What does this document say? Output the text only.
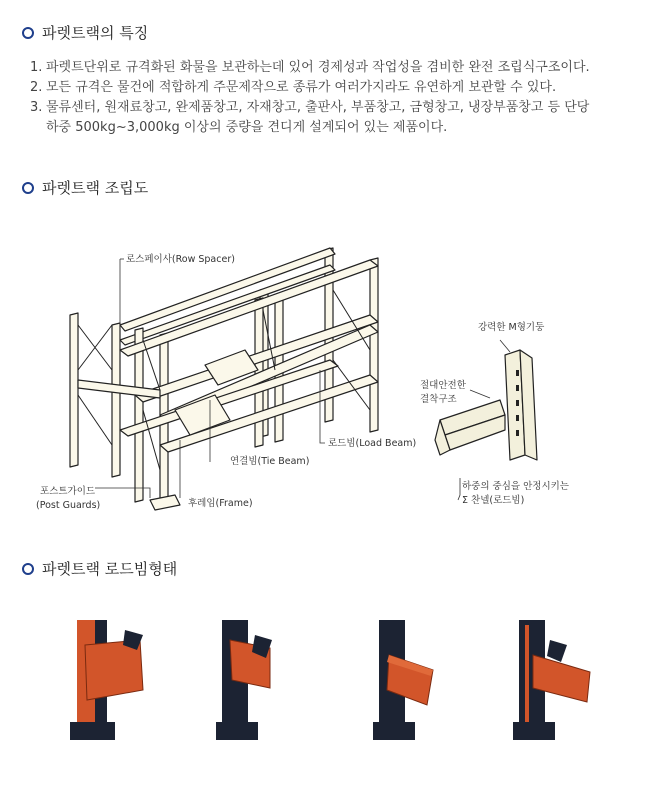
파렛트랙의 특징
1. 파렛트단위로 규격화된 화물을 보관하는데 있어 경제성과 작업성을 겸비한 완전 조립식구조이다.
2. 모든 규격은 물건에 적합하게 주문제작으로 종류가 여러가지라도 유연하게 보관할 수 있다.
3. 물류센터, 원재료창고, 완제품창고, 자재창고, 출판사, 부품창고, 금형창고, 냉장부품창고 등 단당
하중 500kg~3,000kg 이상의 중량을 견디게 설계되어 있는 제품이다.
파렛트랙 조립도
로스페이사(Row Spacer)
포스트가이드
(Post Guards)
연결빔(Tie Beam)
후레임(Frame)
로드빔(Load Beam)
강력한 M형기둥
절대안전한
결착구조
하중의 중심을 안정시키는
Σ 찬넬(로드빔)
파렛트랙 로드빔형태
